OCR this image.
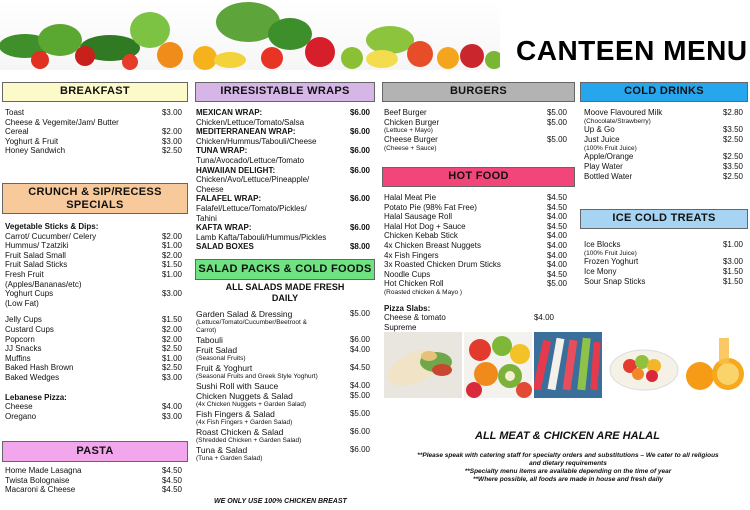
CANTEEN MENU
BREAKFAST
Toast	$3.00
Cheese & Vegemite/Jam/ Butter
Cereal	$2.00
Yoghurt & Fruit	$3.00
Honey Sandwich	$2.50
CRUNCH & SIP/RECESS
SPECIALS
Vegetable Sticks & Dips:
Carrot/ Cucumber/ Celery	$2.00
Hummus/ Tzatziki	$1.00
Fruit Salad Small	$2.00
Fruit Salad Sticks	$1.50
Fresh Fruit	$1.00
(Apples/Bananas/etc)
Yoghurt Cups	$3.00
(Low Fat)
Jelly Cups	$1.50
Custard Cups	$2.00
Popcorn	$2.00
JJ Snacks	$2.50
Muffins	$1.00
Baked Hash Brown	$2.50
Baked Wedges	$3.00
Lebanese Pizza:
Cheese	$4.00
Oregano	$3.00
PASTA
Home Made Lasagna	$4.50
Twista Bolognaise	$4.50
Macaroni & Cheese	$4.50
IRRESISTABLE WRAPS
MEXICAN WRAP:	$6.00
Chicken/Lettuce/Tomato/Salsa
MEDITERRANEAN WRAP:	$6.00
Chicken/Hummus/Tabouli/Cheese
TUNA WRAP:	$6.00
Tuna/Avocado/Lettuce/Tomato
HAWAIIAN DELIGHT:	$6.00
Chicken/Avo/Lettuce/Pineapple/
Cheese
FALAFEL WRAP:	$6.00
Falafel/Lettuce/Tomato/Pickles/
Tahini
KAFTA WRAP:	$6.00
Lamb Kafta/Tabouli/Hummus/Pickles
SALAD BOXES	$8.00
SALAD PACKS & COLD FOODS
ALL SALADS MADE FRESH
DAILY
Garden Salad & Dressing	$5.00
(Lettuce/Tomato/Cucumber/Beetroot &
Carrot)
Tabouli	$6.00
Fruit Salad	$4.00
(Seasonal Fruits)
Fruit & Yoghurt	$4.50
(Seasonal Fruits and Greek Style Yoghurt)
Sushi Roll with Sauce	$4.00
Chicken Nuggets & Salad	$5.00
(4x Chicken Nuggets + Garden Salad)
Fish Fingers & Salad	$5.00
(4x Fish Fingers + Garden Salad)
Roast Chicken & Salad	$6.00
(Shredded Chicken + Garden Salad)
Tuna & Salad	$6.00
(Tuna + Garden Salad)
WE ONLY USE 100% CHICKEN BREAST
BURGERS
Beef Burger	$5.00
Chicken Burger	$5.00
(Lettuce + Mayo)
Cheese Burger	$5.00
(Cheese + Sauce)
HOT FOOD
Halal Meat Pie	$4.50
Potato Pie (98% Fat Free)	$4.50
Halal Sausage Roll	$4.00
Halal Hot Dog + Sauce	$4.50
Chicken Kebab Stick	$4.00
4x Chicken Breast Nuggets	$4.00
4x Fish Fingers	$4.00
3x Roasted Chicken Drum Sticks	$4.00
Noodle Cups	$4.50
Hot Chicken Roll	$5.00
(Roasted chicken & Mayo )
Pizza Slabs:
Cheese & tomato	$4.00
Supreme
COLD DRINKS
Moove Flavoured Milk	$2.80
(Chocolate/Strawberry)
Up & Go	$3.50
Just Juice	$2.50
(100% Fruit Juice)
Apple/Orange	$2.50
Play Water	$3.50
Bottled Water	$2.50
ICE COLD TREATS
Ice Blocks	$1.00
(100% Fruit Juice)
Frozen Yoghurt	$3.00
Ice Mony	$1.50
Sour Snap Sticks	$1.50
ALL MEAT & CHICKEN ARE HALAL
**Please speak with catering staff for specialty orders and substitutions – We cater to all religious
and dietary requirements
**Specialty menu items are available depending on the time of year
**Where possible, all foods are made in house and fresh daily
